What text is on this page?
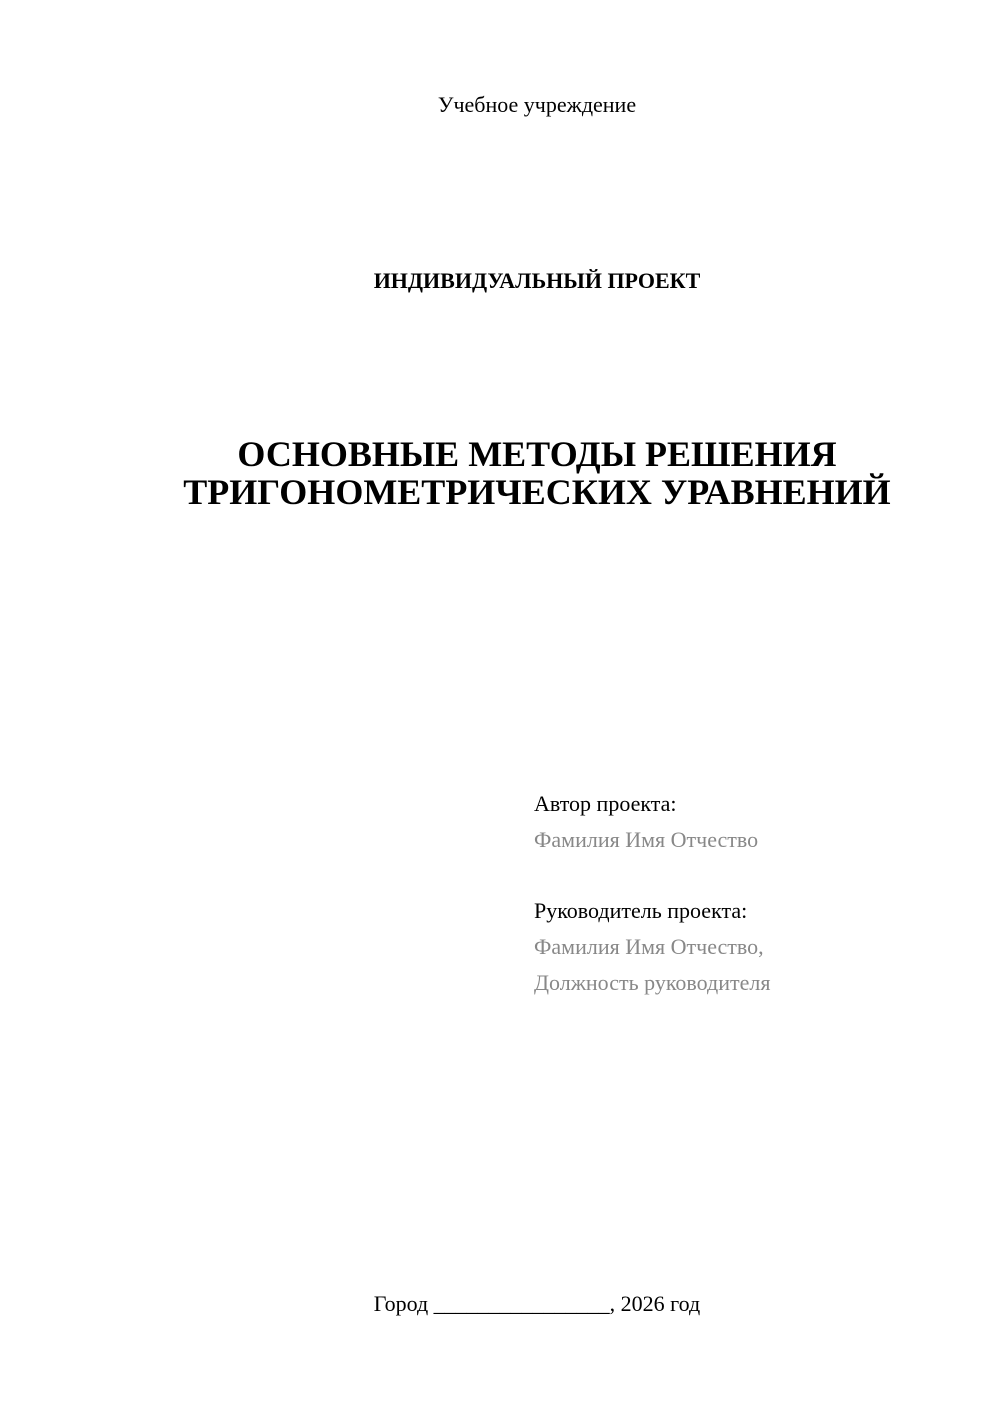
Учебное учреждение
ИНДИВИДУАЛЬНЫЙ ПРОЕКТ
ОСНОВНЫЕ МЕТОДЫ РЕШЕНИЯ
ТРИГОНОМЕТРИЧЕСКИХ УРАВНЕНИЙ
Автор проекта:
Фамилия Имя Отчество
Руководитель проекта:
Фамилия Имя Отчество,
Должность руководителя
Город ________________, 2026 год
